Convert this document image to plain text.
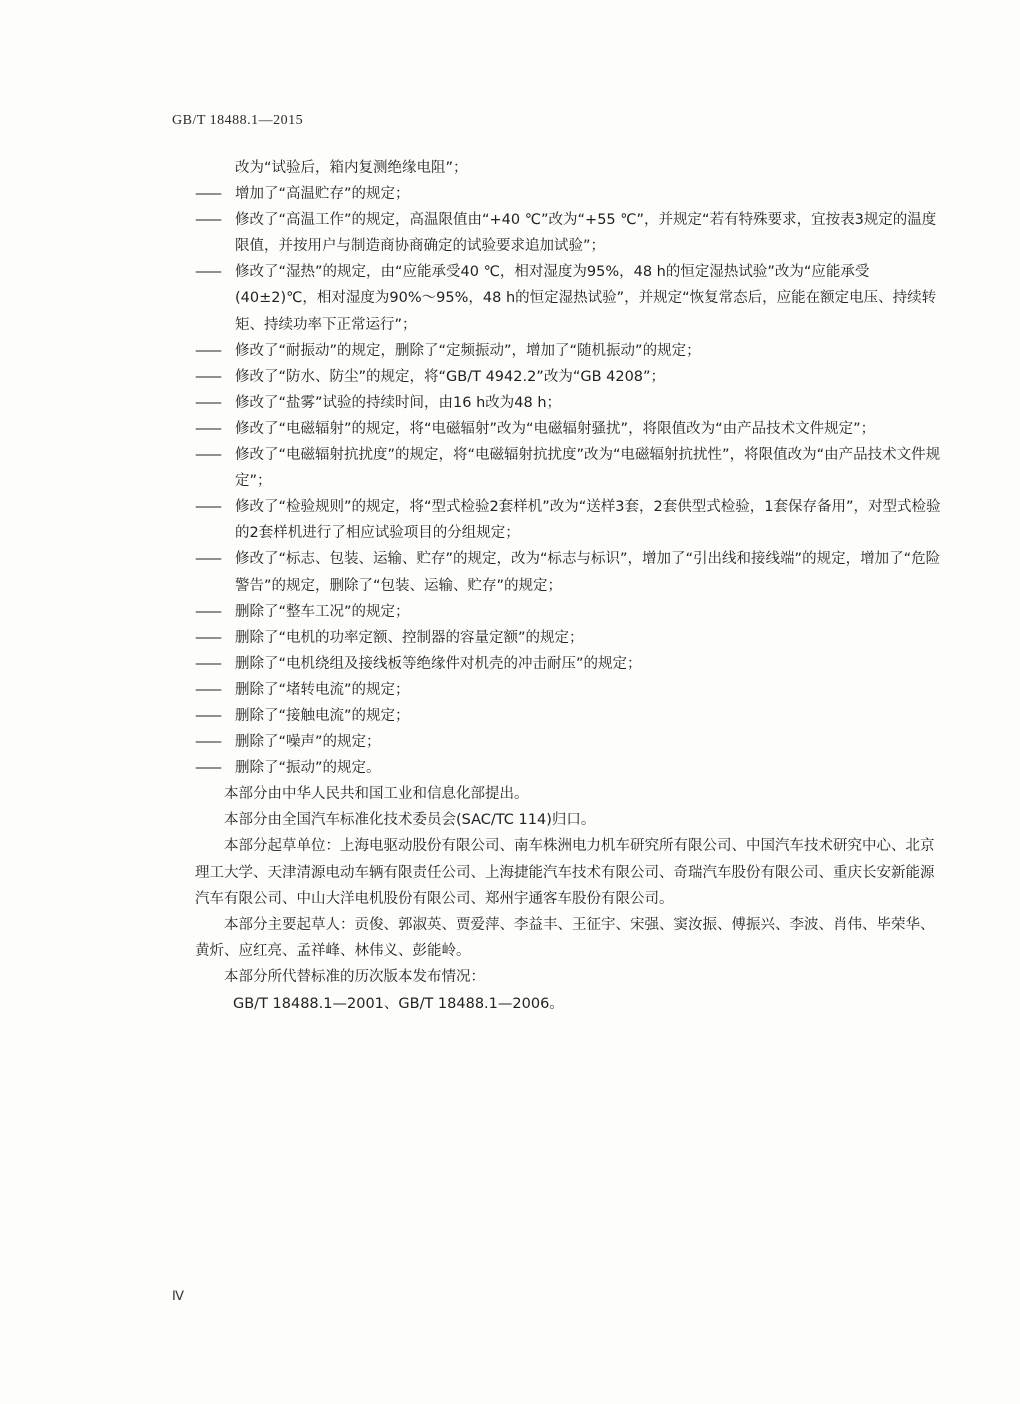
GB/T 18488.1—2015
改为“试验后，箱内复测绝缘电阻”；
——	增加了“高温贮存”的规定；
——	修改了“高温工作”的规定，高温限值由“+40 ℃”改为“+55 ℃”，并规定“若有特殊要求，宜按表3规定的温度限值，并按用户与制造商协商确定的试验要求追加试验”；
——	修改了“湿热”的规定，由“应能承受40 ℃，相对湿度为95%，48 h的恒定湿热试验”改为“应能承受(40±2)℃，相对湿度为90%～95%，48 h的恒定湿热试验”，并规定“恢复常态后，应能在额定电压、持续转矩、持续功率下正常运行”；
——	修改了“耐振动”的规定，删除了“定频振动”，增加了“随机振动”的规定；
——	修改了“防水、防尘”的规定，将“GB/T 4942.2”改为“GB 4208”；
——	修改了“盐雾”试验的持续时间，由16 h改为48 h；
——	修改了“电磁辐射”的规定，将“电磁辐射”改为“电磁辐射骚扰”，将限值改为“由产品技术文件规定”；
——	修改了“电磁辐射抗扰度”的规定，将“电磁辐射抗扰度”改为“电磁辐射抗扰性”，将限值改为“由产品技术文件规定”；
——	修改了“检验规则”的规定，将“型式检验2套样机”改为“送样3套，2套供型式检验，1套保存备用”，对型式检验的2套样机进行了相应试验项目的分组规定；
——	修改了“标志、包装、运输、贮存”的规定，改为“标志与标识”，增加了“引出线和接线端”的规定，增加了“危险警告”的规定，删除了“包装、运输、贮存”的规定；
——	删除了“整车工况”的规定；
——	删除了“电机的功率定额、控制器的容量定额”的规定；
——	删除了“电机绕组及接线板等绝缘件对机壳的冲击耐压”的规定；
——	删除了“堵转电流”的规定；
——	删除了“接触电流”的规定；
——	删除了“噪声”的规定；
——	删除了“振动”的规定。
本部分由中华人民共和国工业和信息化部提出。
本部分由全国汽车标准化技术委员会(SAC/TC 114)归口。
本部分起草单位：上海电驱动股份有限公司、南车株洲电力机车研究所有限公司、中国汽车技术研究中心、北京理工大学、天津清源电动车辆有限责任公司、上海捷能汽车技术有限公司、奇瑞汽车股份有限公司、重庆长安新能源汽车有限公司、中山大洋电机股份有限公司、郑州宇通客车股份有限公司。
本部分主要起草人：贡俊、郭淑英、贾爱萍、李益丰、王征宇、宋强、窦汝振、傅振兴、李波、肖伟、毕荣华、黄炘、应红亮、孟祥峰、林伟义、彭能岭。
本部分所代替标准的历次版本发布情况：
GB/T 18488.1—2001、GB/T 18488.1—2006。
Ⅳ
